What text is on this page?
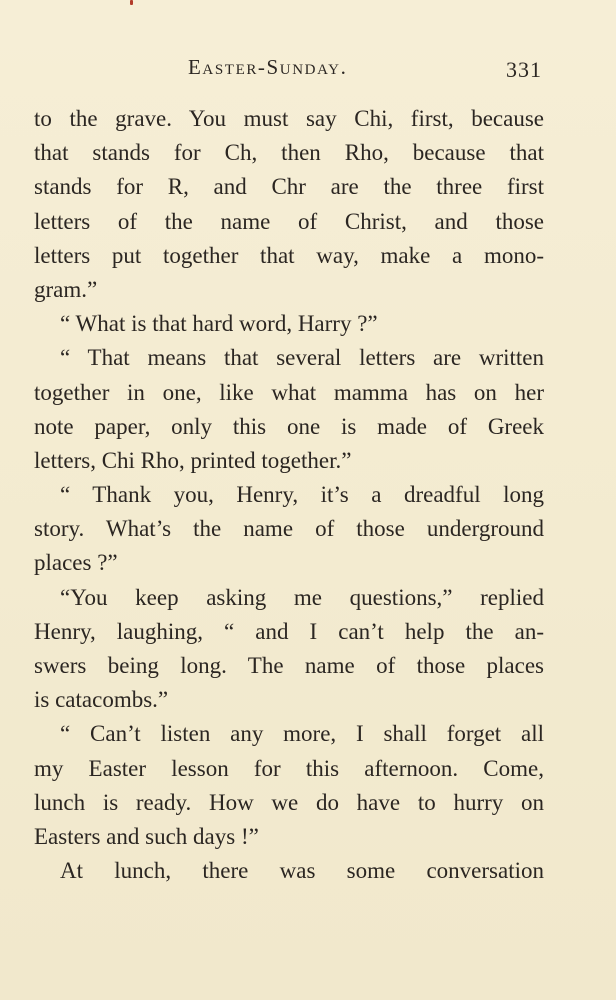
Easter-Sunday.	331
to the grave. You must say Chi, first, because
that stands for Ch, then Rho, because that
stands for R, and Chr are the three first
letters of the name of Christ, and those
letters put together that way, make a mono-
gram.”
“ What is that hard word, Harry ?”
“ That means that several letters are written
together in one, like what mamma has on her
note paper, only this one is made of Greek
letters, Chi Rho, printed together.”
“ Thank you, Henry, it’s a dreadful long
story. What’s the name of those underground
places ?”
“You keep asking me questions,” replied
Henry, laughing, “ and I can’t help the an-
swers being long. The name of those places
is catacombs.”
“ Can’t listen any more, I shall forget all
my Easter lesson for this afternoon. Come,
lunch is ready. How we do have to hurry on
Easters and such days !”
At lunch, there was some conversation
